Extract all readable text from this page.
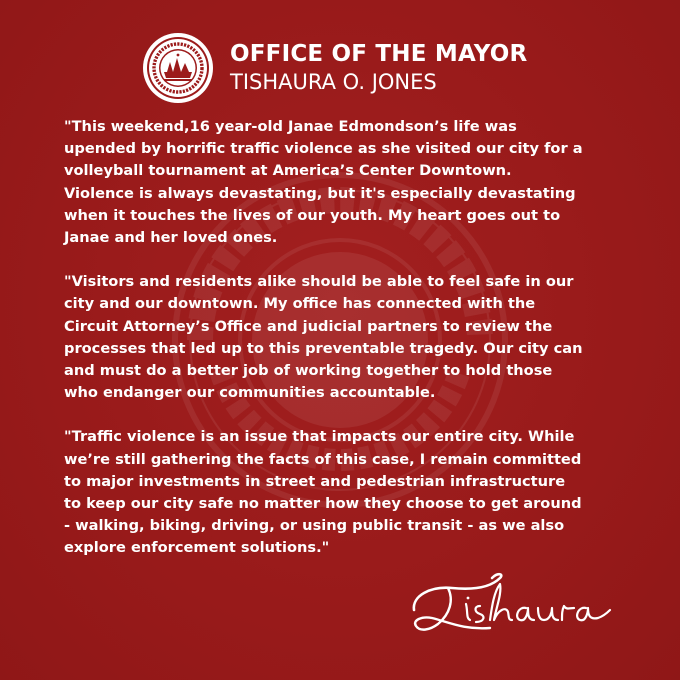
OFFICE OF THE MAYOR
TISHAURA O. JONES

"This weekend,16 year-old Janae Edmondson’s life was
upended by horrific traffic violence as she visited our city for a
volleyball tournament at America’s Center Downtown.
Violence is always devastating, but it's especially devastating
when it touches the lives of our youth. My heart goes out to
Janae and her loved ones.

"Visitors and residents alike should be able to feel safe in our
city and our downtown. My office has connected with the
Circuit Attorney’s Office and judicial partners to review the
processes that led up to this preventable tragedy. Our city can
and must do a better job of working together to hold those
who endanger our communities accountable.

"Traffic violence is an issue that impacts our entire city. While
we’re still gathering the facts of this case, I remain committed
to major investments in street and pedestrian infrastructure
to keep our city safe no matter how they choose to get around
- walking, biking, driving, or using public transit - as we also
explore enforcement solutions."
